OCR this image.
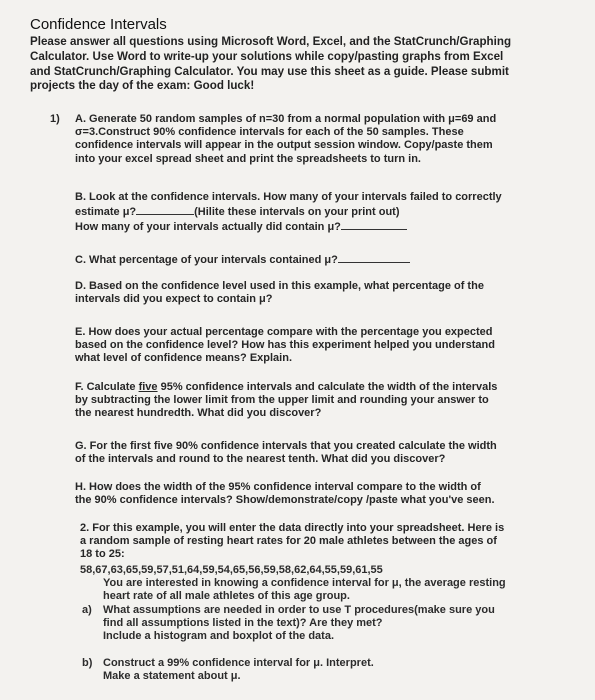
Confidence Intervals
Please answer all questions using Microsoft Word, Excel, and the StatCrunch/Graphing
Calculator. Use Word to write-up your solutions while copy/pasting graphs from Excel
and StatCrunch/Graphing Calculator. You may use this sheet as a guide. Please submit
projects the day of the exam: Good luck!
1) A. Generate 50 random samples of n=30 from a normal population with μ=69 and
σ=3.Construct 90% confidence intervals for each of the 50 samples. These
confidence intervals will appear in the output session window. Copy/paste them
into your excel spread sheet and print the spreadsheets to turn in.
B. Look at the confidence intervals. How many of your intervals failed to correctly
estimate μ?	(Hilite these intervals on your print out)
How many of your intervals actually did contain μ?
C. What percentage of your intervals contained μ?
D. Based on the confidence level used in this example, what percentage of the
intervals did you expect to contain μ?
E. How does your actual percentage compare with the percentage you expected
based on the confidence level? How has this experiment helped you understand
what level of confidence means? Explain.
F. Calculate five 95% confidence intervals and calculate the width of the intervals
by subtracting the lower limit from the upper limit and rounding your answer to
the nearest hundredth. What did you discover?
G. For the first five 90% confidence intervals that you created calculate the width
of the intervals and round to the nearest tenth. What did you discover?
H. How does the width of the 95% confidence interval compare to the width of
the 90% confidence intervals? Show/demonstrate/copy /paste what you've seen.
2. For this example, you will enter the data directly into your spreadsheet. Here is
a random sample of resting heart rates for 20 male athletes between the ages of
18 to 25:
58,67,63,65,59,57,51,64,59,54,65,56,59,58,62,64,55,59,61,55
You are interested in knowing a confidence interval for μ, the average resting
heart rate of all male athletes of this age group.
a) What assumptions are needed in order to use T procedures(make sure you
find all assumptions listed in the text)? Are they met?
Include a histogram and boxplot of the data.
b) Construct a 99% confidence interval for μ. Interpret.
Make a statement about μ.
